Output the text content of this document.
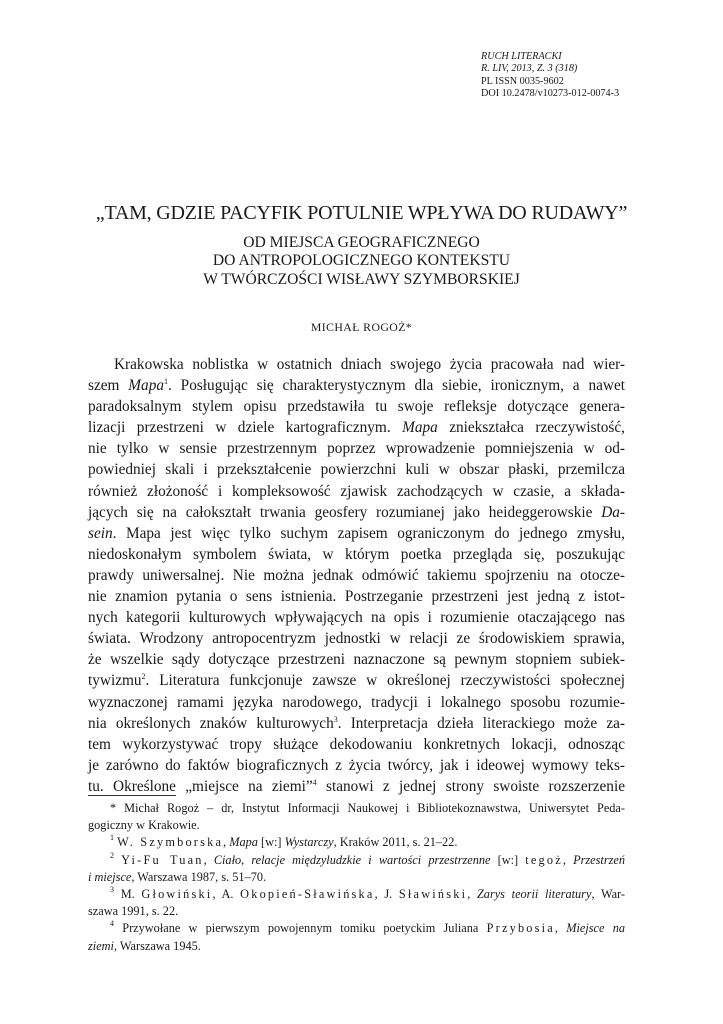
RUCH LITERACKI
R. LIV, 2013, Z. 3 (318)
PL ISSN 0035-9602
DOI 10.2478/v10273-012-0074-3
„TAM, GDZIE PACYFIK POTULNIE WPŁYWA DO RUDAWY”
OD MIEJSCA GEOGRAFICZNEGO
DO ANTROPOLOGICZNEGO KONTEKSTU
W TWÓRCZOŚCI WISŁAWY SZYMBORSKIEJ
MICHAŁ ROGOŻ*
Krakowska noblistka w ostatnich dniach swojego życia pracowała nad wier-
szem Mapa$^1$. Posługując się charakterystycznym dla siebie, ironicznym, a nawet
paradoksalnym stylem opisu przedstawiła tu swoje refleksje dotyczące genera-
lizacji przestrzeni w dziele kartograficznym. Mapa zniekształca rzeczywistość,
nie tylko w sensie przestrzennym poprzez wprowadzenie pomniejszenia w od-
powiedniej skali i przekształcenie powierzchni kuli w obszar płaski, przemilcza
również złożoność i kompleksowość zjawisk zachodzących w czasie, a składa-
jących się na całokształt trwania geosfery rozumianej jako heideggerowskie Da-
sein. Mapa jest więc tylko suchym zapisem ograniczonym do jednego zmysłu,
niedoskonałym symbolem świata, w którym poetka przegląda się, poszukując
prawdy uniwersalnej. Nie można jednak odmówić takiemu spojrzeniu na otocze-
nie znamion pytania o sens istnienia. Postrzeganie przestrzeni jest jedną z istot-
nych kategorii kulturowych wpływających na opis i rozumienie otaczającego nas
świata. Wrodzony antropocentryzm jednostki w relacji ze środowiskiem sprawia,
że wszelkie sądy dotyczące przestrzeni naznaczone są pewnym stopniem subiek-
tywizmu$^2$. Literatura funkcjonuje zawsze w określonej rzeczywistości społecznej
wyznaczonej ramami języka narodowego, tradycji i lokalnego sposobu rozumie-
nia określonych znaków kulturowych$^3$. Interpretacja dzieła literackiego może za-
tem wykorzystywać tropy służące dekodowaniu konkretnych lokacji, odnosząc
je zarówno do faktów biograficznych z życia twórcy, jak i ideowej wymowy teks-
tu. Określone „miejsce na ziemi”$^4$ stanowi z jednej strony swoiste rozszerzenie
* Michał Rogoż – dr, Instytut Informacji Naukowej i Bibliotekoznawstwa, Uniwersytet Peda-
gogiczny w Krakowie.
$^1$ W. Szymborska, Mapa [w:] Wystarczy, Kraków 2011, s. 21–22.
$^2$ Yi-Fu Tuan, Ciało, relacje międzyludzkie i wartości przestrzenne [w:] tegoż, Przestrzeń
i miejsce, Warszawa 1987, s. 51–70.
$^3$ M. Głowiński, A. Okopień-Sławińska, J. Sławiński, Zarys teorii literatury, War-
szawa 1991, s. 22.
$^4$ Przywołane w pierwszym powojennym tomiku poetyckim Juliana Przybosia, Miejsce na
ziemi, Warszawa 1945.
